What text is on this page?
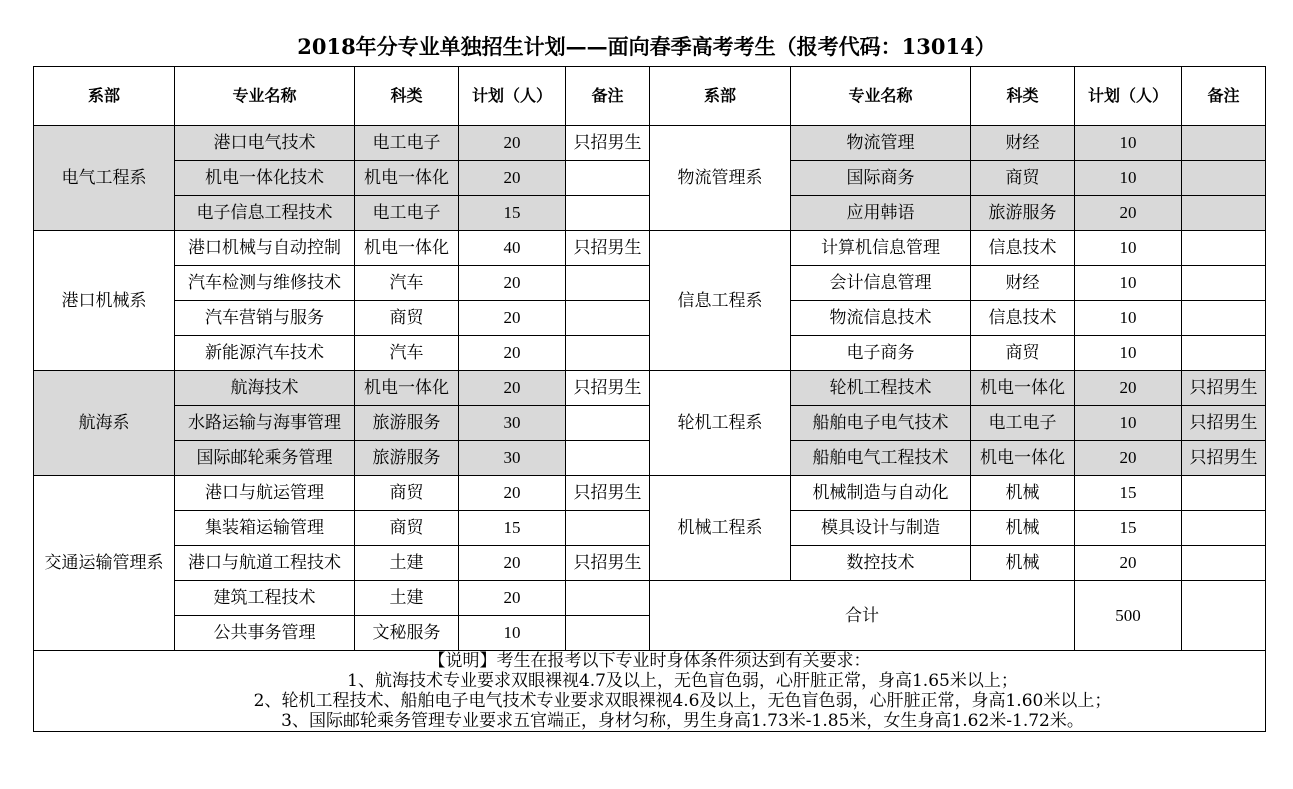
2018年分专业单独招生计划——面向春季高考考生（报考代码：13014）
系部	专业名称	科类	计划（人）	备注	系部	专业名称	科类	计划（人）	备注
电气工程系	港口电气技术	电工电子	20	只招男生	物流管理系	物流管理	财经	10	
	机电一体化技术	机电一体化	20			国际商务	商贸	10	
	电子信息工程技术	电工电子	15			应用韩语	旅游服务	20	
港口机械系	港口机械与自动控制	机电一体化	40	只招男生	信息工程系	计算机信息管理	信息技术	10	
	汽车检测与维修技术	汽车	20			会计信息管理	财经	10	
	汽车营销与服务	商贸	20			物流信息技术	信息技术	10	
	新能源汽车技术	汽车	20			电子商务	商贸	10	
航海系	航海技术	机电一体化	20	只招男生	轮机工程系	轮机工程技术	机电一体化	20	只招男生
	水路运输与海事管理	旅游服务	30			船舶电子电气技术	电工电子	10	只招男生
	国际邮轮乘务管理	旅游服务	30			船舶电气工程技术	机电一体化	20	只招男生
交通运输管理系	港口与航运管理	商贸	20	只招男生	机械工程系	机械制造与自动化	机械	15	
	集装箱运输管理	商贸	15			模具设计与制造	机械	15	
	港口与航道工程技术	土建	20	只招男生		数控技术	机械	20	
	建筑工程技术	土建	20		合计			500	
	公共事务管理	文秘服务	10						

【说明】考生在报考以下专业时身体条件须达到有关要求：
1、航海技术专业要求双眼裸视4.7及以上，无色盲色弱，心肝脏正常，身高1.65米以上；
2、轮机工程技术、船舶电子电气技术专业要求双眼裸视4.6及以上，无色盲色弱，心肝脏正常，身高1.60米以上；
3、国际邮轮乘务管理专业要求五官端正，身材匀称，男生身高1.73米-1.85米，女生身高1.62米-1.72米。									
